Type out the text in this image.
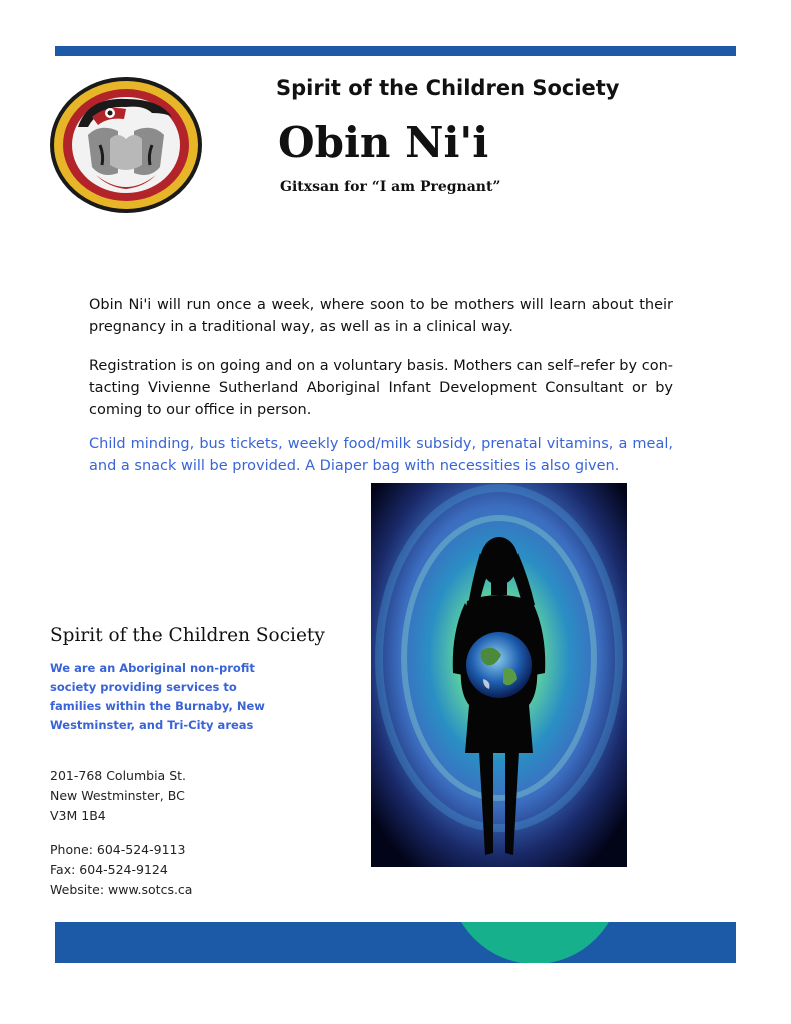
Spirit of the Children Society
Obin Ni'i
Gitxsan for “I am Pregnant”
Obin Ni'i will run once a week, where soon to be mothers will learn about their pregnancy in a traditional way, as well as in a clinical way.
Registration is on going and on a voluntary basis. Mothers can self–refer by contacting Vivienne Sutherland Aboriginal Infant Development Consultant or by coming to our office in person.
Child minding, bus tickets, weekly food/milk subsidy, prenatal vitamins, a meal, and a snack will be provided. A Diaper bag with necessities is also given.
Spirit of the Children Society
We are an Aboriginal non-profit society providing services to families within the Burnaby, New Westminster, and Tri-City areas
201-768 Columbia St.
New Westminster, BC
V3M 1B4
Phone: 604-524-9113
Fax: 604-524-9124
Website: www.sotcs.ca
